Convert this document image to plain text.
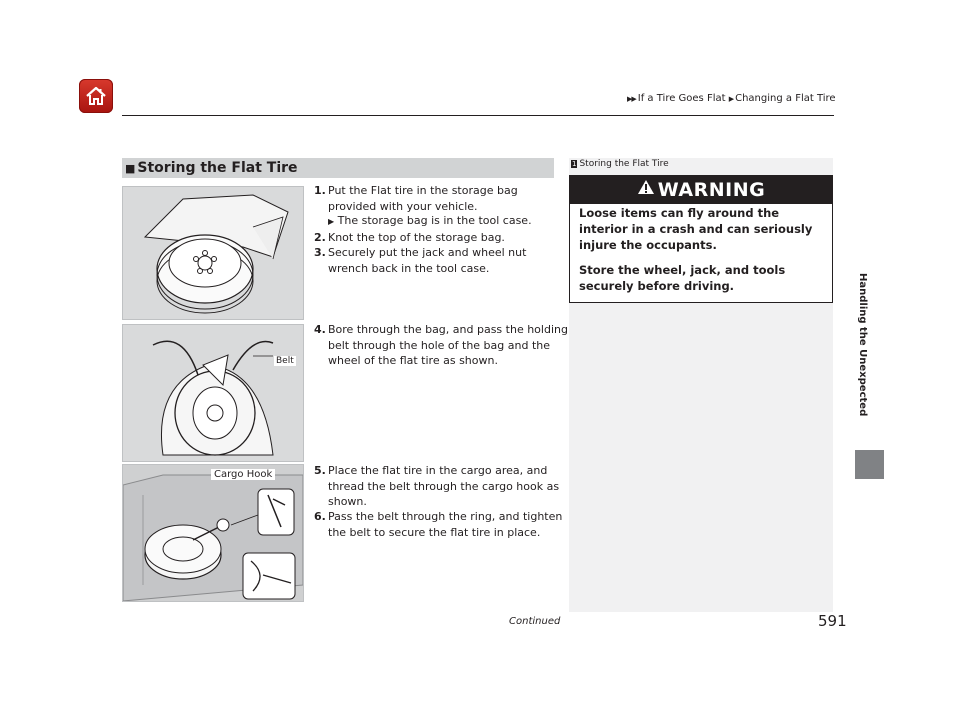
▶▶ If a Tire Goes Flat ▶ Changing a Flat Tire
Handling the Unexpected
■ Storing the Flat Tire
Belt
Cargo Hook
1. Put the Flat tire in the storage bag provided with your vehicle.
▶ The storage bag is in the tool case.
2. Knot the top of the storage bag.
3. Securely put the jack and wheel nut wrench back in the tool case.
4. Bore through the bag, and pass the holding belt through the hole of the bag and the wheel of the flat tire as shown.
5. Place the flat tire in the cargo area, and thread the belt through the cargo hook as shown.
6. Pass the belt through the ring, and tighten the belt to secure the flat tire in place.
1 Storing the Flat Tire
WARNING
Loose items can fly around the interior in a crash and can seriously injure the occupants.
Store the wheel, jack, and tools securely before driving.
Continued	591
